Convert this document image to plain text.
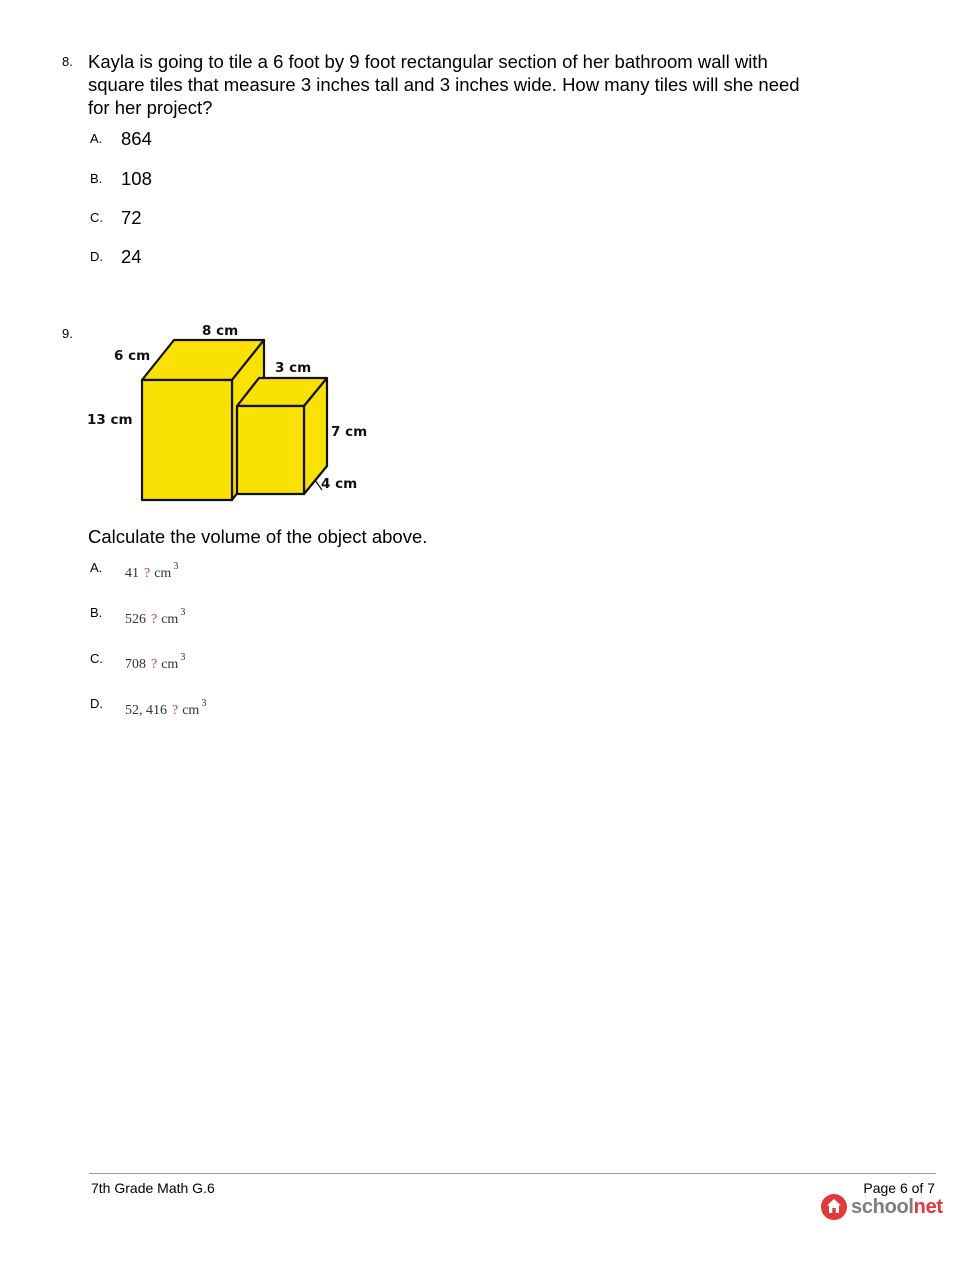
8. Kayla is going to tile a 6 foot by 9 foot rectangular section of her bathroom wall with
square tiles that measure 3 inches tall and 3 inches wide. How many tiles will she need
for her project?
A. 864
B. 108
C. 72
D. 24
9.	8 cm
6 cm
13 cm
3 cm
7 cm
4 cm
Calculate the volume of the object above.
A. 41 ? cm $^3$
B. 526 ? cm $^3$
C. 708 ? cm $^3$
D. 52, 416 ? cm $^3$
7th Grade Math G.6	Page 6 of 7
schoolnet
